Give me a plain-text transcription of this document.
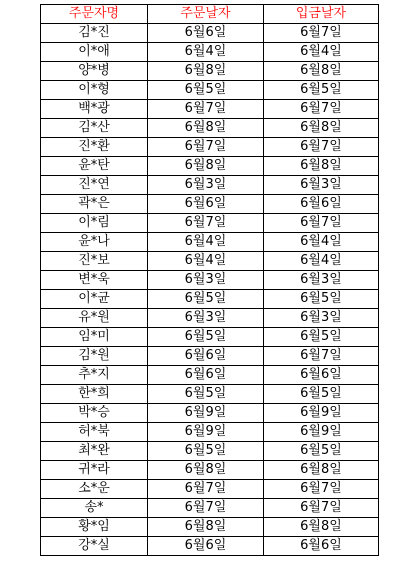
주문자명	주문날자	입금날자
김*진	6월6일	6월7일
이*애	6월4일	6월4일
양*병	6월8일	6월8일
이*형	6월5일	6월5일
백*광	6월7일	6월7일
김*산	6월8일	6월8일
진*환	6월7일	6월7일
윤*탄	6월8일	6월8일
진*연	6월3일	6월3일
곽*은	6월6일	6월6일
이*림	6월7일	6월7일
윤*나	6월4일	6월4일
진*보	6월4일	6월4일
변*욱	6월3일	6월3일
이*균	6월5일	6월5일
유*원	6월3일	6월3일
임*미	6월5일	6월5일
김*원	6월6일	6월7일
추*지	6월6일	6월6일
한*희	6월5일	6월5일
박*승	6월9일	6월9일
허*북	6월9일	6월9일
최*완	6월5일	6월5일
귀*라	6월8일	6월8일
소*운	6월7일	6월7일
송*	6월7일	6월7일
황*임	6월8일	6월8일
강*실	6월6일	6월6일
